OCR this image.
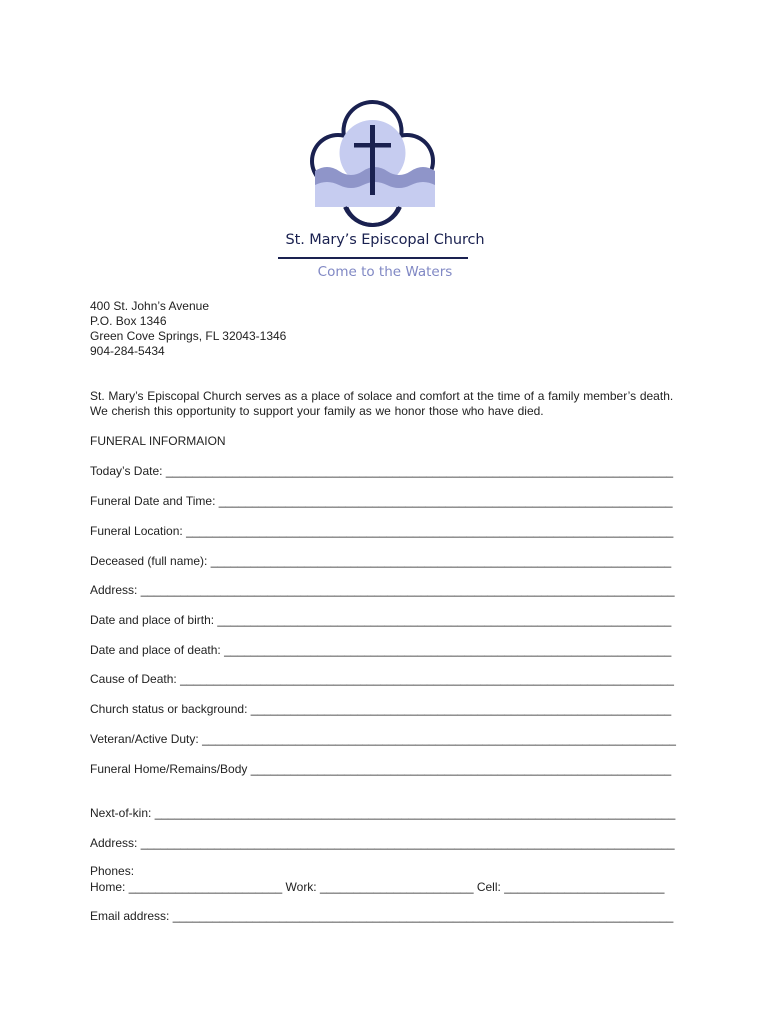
St. Mary’s Episcopal Church
Come to the Waters
400 St. John’s Avenue
P.O. Box 1346
Green Cove Springs, FL 32043-1346
904-284-5434
St. Mary’s Episcopal Church serves as a place of solace and comfort at the time of a family member’s death. We cherish this opportunity to support your family as we honor those who have died.
FUNERAL INFORMAION
Today’s Date: ____________________________________________________________________________
Funeral Date and Time: ____________________________________________________________________
Funeral Location: _________________________________________________________________________
Deceased (full name): _____________________________________________________________________
Address: ________________________________________________________________________________
Date and place of birth: ____________________________________________________________________
Date and place of death: ___________________________________________________________________
Cause of Death: __________________________________________________________________________
Church status or background: _______________________________________________________________
Veteran/Active Duty: _______________________________________________________________________
Funeral Home/Remains/Body _______________________________________________________________
Next-of-kin: ______________________________________________________________________________
Address: ________________________________________________________________________________
Phones:
Home: _______________________ Work: _______________________ Cell: ________________________
Email address: ___________________________________________________________________________
